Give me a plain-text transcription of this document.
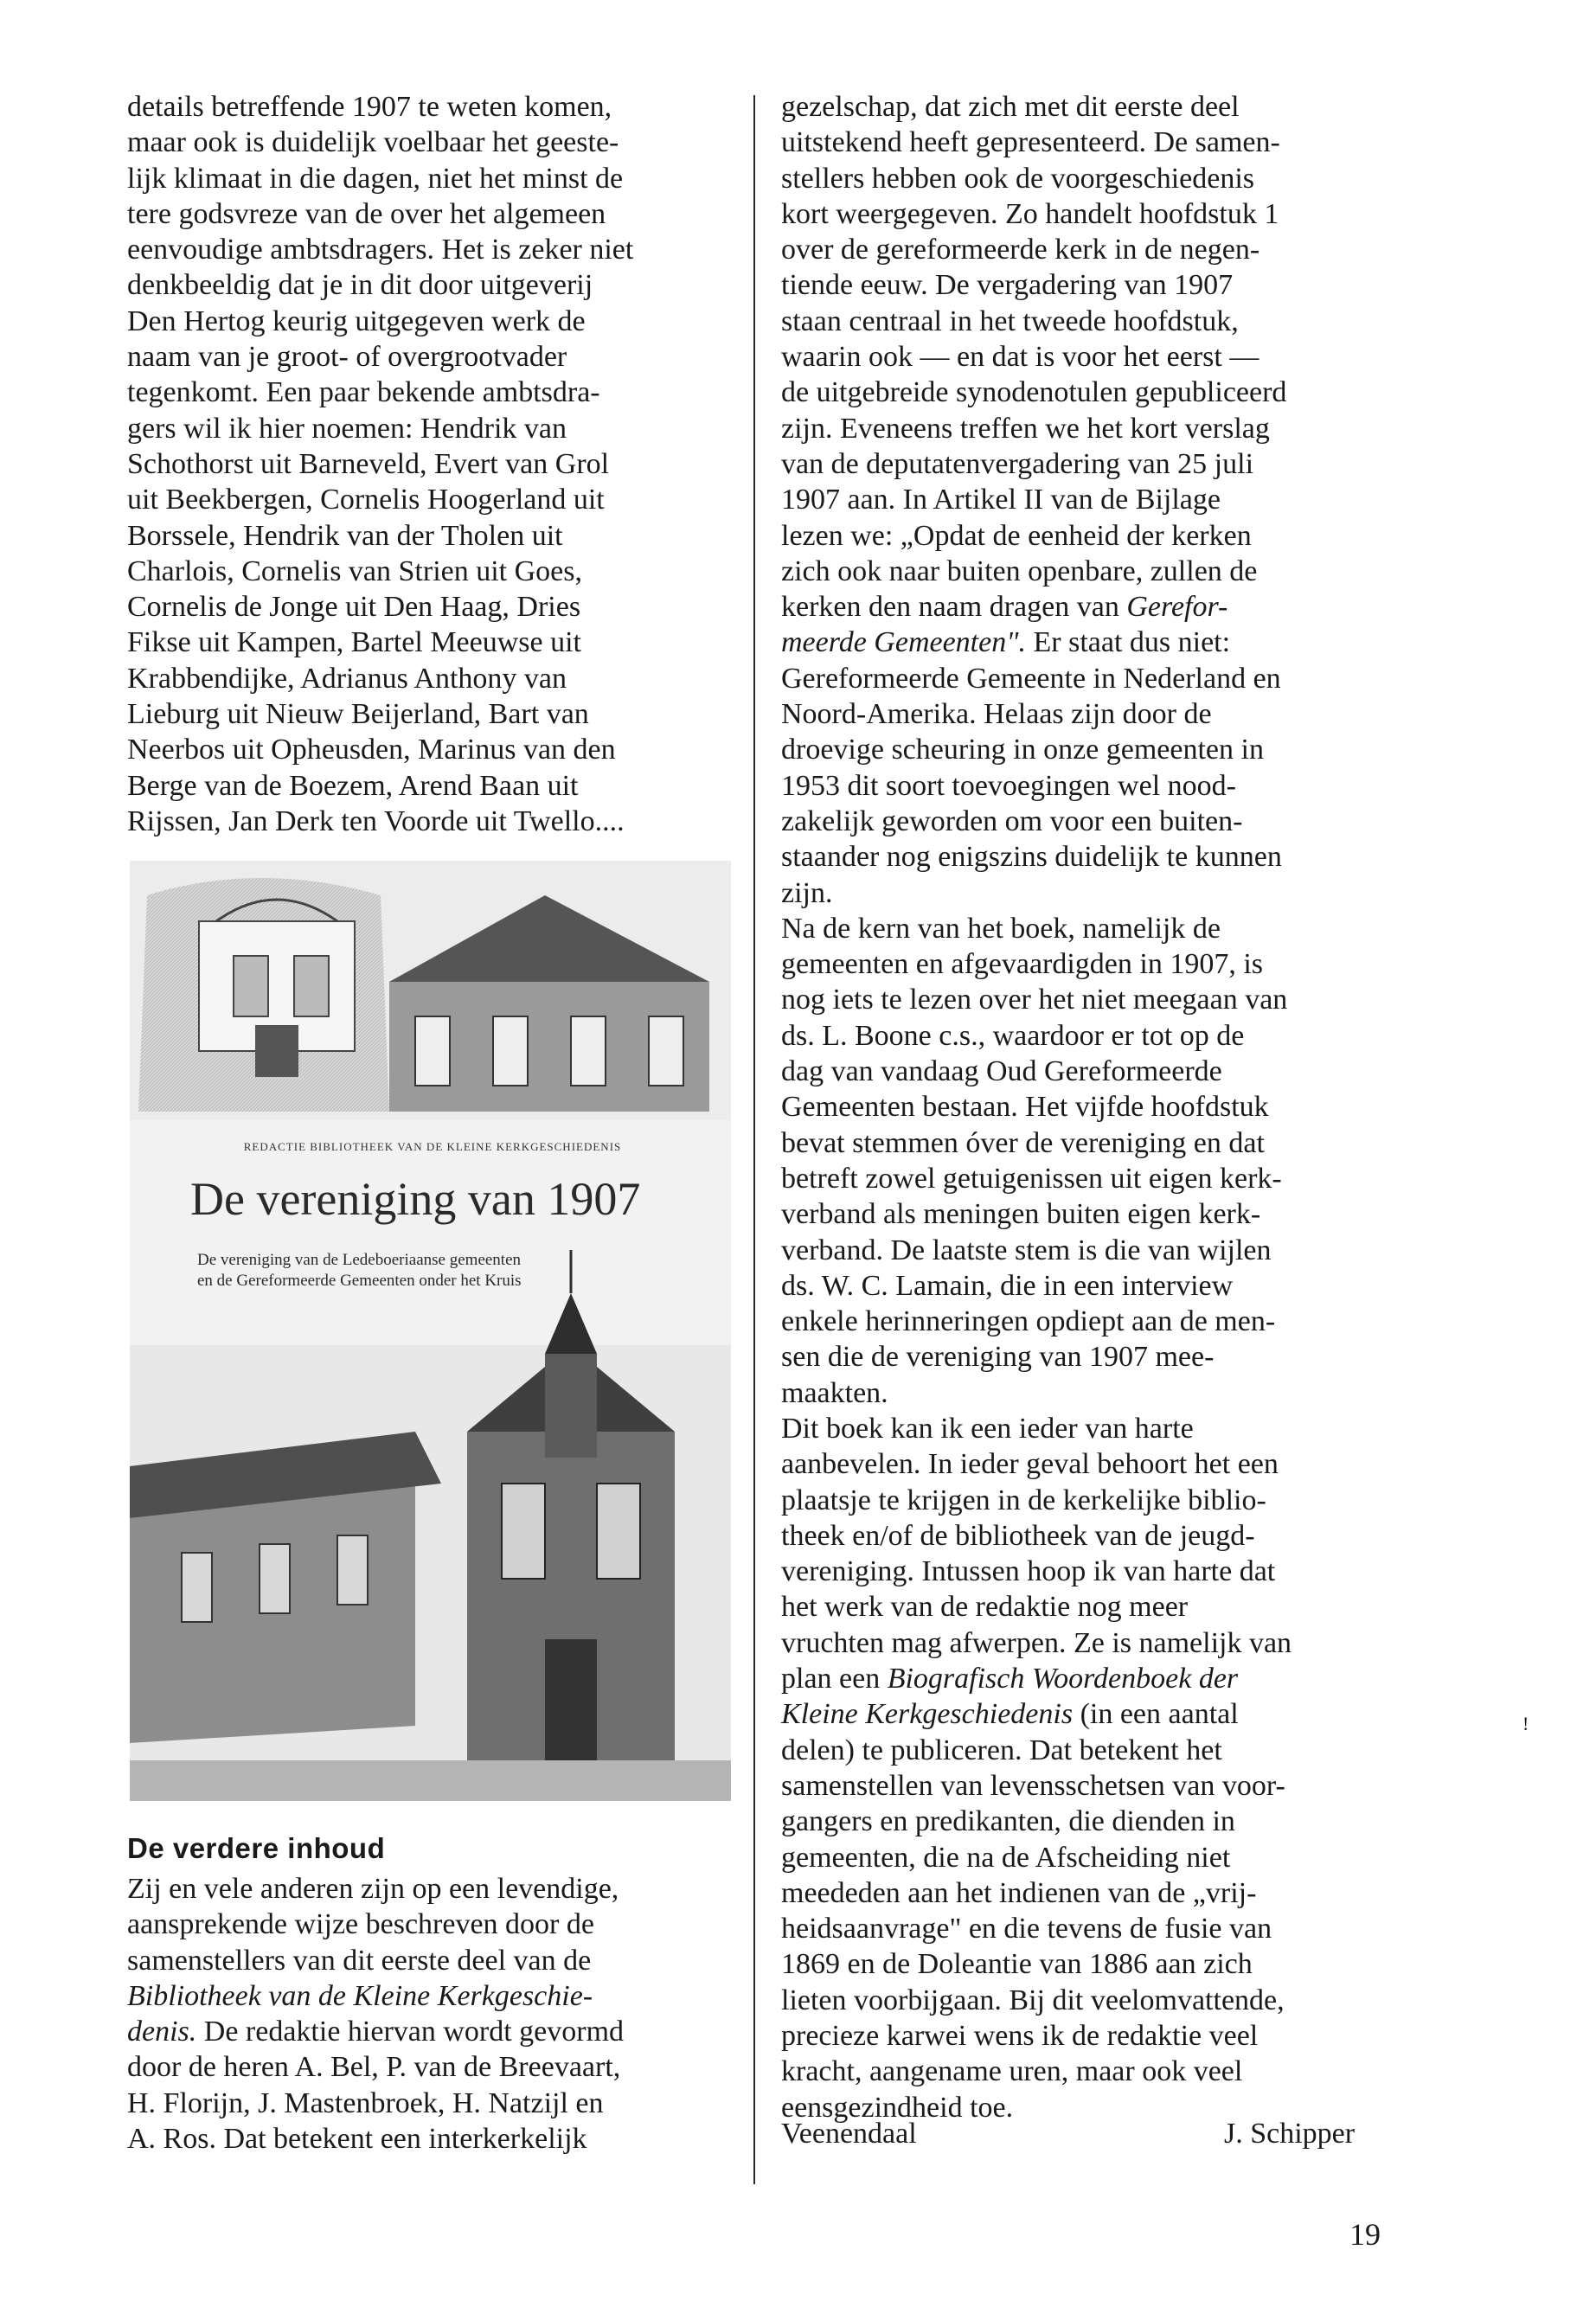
details betreffende 1907 te weten komen,
maar ook is duidelijk voelbaar het geeste-
lijk klimaat in die dagen, niet het minst de
tere godsvreze van de over het algemeen
eenvoudige ambtsdragers. Het is zeker niet
denkbeeldig dat je in dit door uitgeverij
Den Hertog keurig uitgegeven werk de
naam van je groot- of overgrootvader
tegenkomt. Een paar bekende ambtsdra-
gers wil ik hier noemen: Hendrik van
Schothorst uit Barneveld, Evert van Grol
uit Beekbergen, Cornelis Hoogerland uit
Borssele, Hendrik van der Tholen uit
Charlois, Cornelis van Strien uit Goes,
Cornelis de Jonge uit Den Haag, Dries
Fikse uit Kampen, Bartel Meeuwse uit
Krabbendijke, Adrianus Anthony van
Lieburg uit Nieuw Beijerland, Bart van
Neerbos uit Opheusden, Marinus van den
Berge van de Boezem, Arend Baan uit
Rijssen, Jan Derk ten Voorde uit Twello....
REDACTIE BIBLIOTHEEK VAN DE KLEINE KERKGESCHIEDENIS
De vereniging van 1907
De vereniging van de Ledeboeriaanse gemeenten
en de Gereformeerde Gemeenten onder het Kruis
De verdere inhoud
Zij en vele anderen zijn op een levendige,
aansprekende wijze beschreven door de
samenstellers van dit eerste deel van de
Bibliotheek van de Kleine Kerkgeschie-
denis. De redaktie hiervan wordt gevormd
door de heren A. Bel, P. van de Breevaart,
H. Florijn, J. Mastenbroek, H. Natzijl en
A. Ros. Dat betekent een interkerkelijk
gezelschap, dat zich met dit eerste deel
uitstekend heeft gepresenteerd. De samen-
stellers hebben ook de voorgeschiedenis
kort weergegeven. Zo handelt hoofdstuk 1
over de gereformeerde kerk in de negen-
tiende eeuw. De vergadering van 1907
staan centraal in het tweede hoofdstuk,
waarin ook — en dat is voor het eerst —
de uitgebreide synodenotulen gepubliceerd
zijn. Eveneens treffen we het kort verslag
van de deputatenvergadering van 25 juli
1907 aan. In Artikel II van de Bijlage
lezen we: „Opdat de eenheid der kerken
zich ook naar buiten openbare, zullen de
kerken den naam dragen van Gerefor-
meerde Gemeenten". Er staat dus niet:
Gereformeerde Gemeente in Nederland en
Noord-Amerika. Helaas zijn door de
droevige scheuring in onze gemeenten in
1953 dit soort toevoegingen wel nood-
zakelijk geworden om voor een buiten-
staander nog enigszins duidelijk te kunnen
zijn.
Na de kern van het boek, namelijk de
gemeenten en afgevaardigden in 1907, is
nog iets te lezen over het niet meegaan van
ds. L. Boone c.s., waardoor er tot op de
dag van vandaag Oud Gereformeerde
Gemeenten bestaan. Het vijfde hoofdstuk
bevat stemmen óver de vereniging en dat
betreft zowel getuigenissen uit eigen kerk-
verband als meningen buiten eigen kerk-
verband. De laatste stem is die van wijlen
ds. W. C. Lamain, die in een interview
enkele herinneringen opdiept aan de men-
sen die de vereniging van 1907 mee-
maakten.
Dit boek kan ik een ieder van harte
aanbevelen. In ieder geval behoort het een
plaatsje te krijgen in de kerkelijke biblio-
theek en/of de bibliotheek van de jeugd-
vereniging. Intussen hoop ik van harte dat
het werk van de redaktie nog meer
vruchten mag afwerpen. Ze is namelijk van
plan een Biografisch Woordenboek der
Kleine Kerkgeschiedenis (in een aantal
delen) te publiceren. Dat betekent het
samenstellen van levensschetsen van voor-
gangers en predikanten, die dienden in
gemeenten, die na de Afscheiding niet
meededen aan het indienen van de „vrij-
heidsaanvrage" en die tevens de fusie van
1869 en de Doleantie van 1886 aan zich
lieten voorbijgaan. Bij dit veelomvattende,
precieze karwei wens ik de redaktie veel
kracht, aangename uren, maar ook veel
eensgezindheid toe.
Veenendaal	J. Schipper
!
19
